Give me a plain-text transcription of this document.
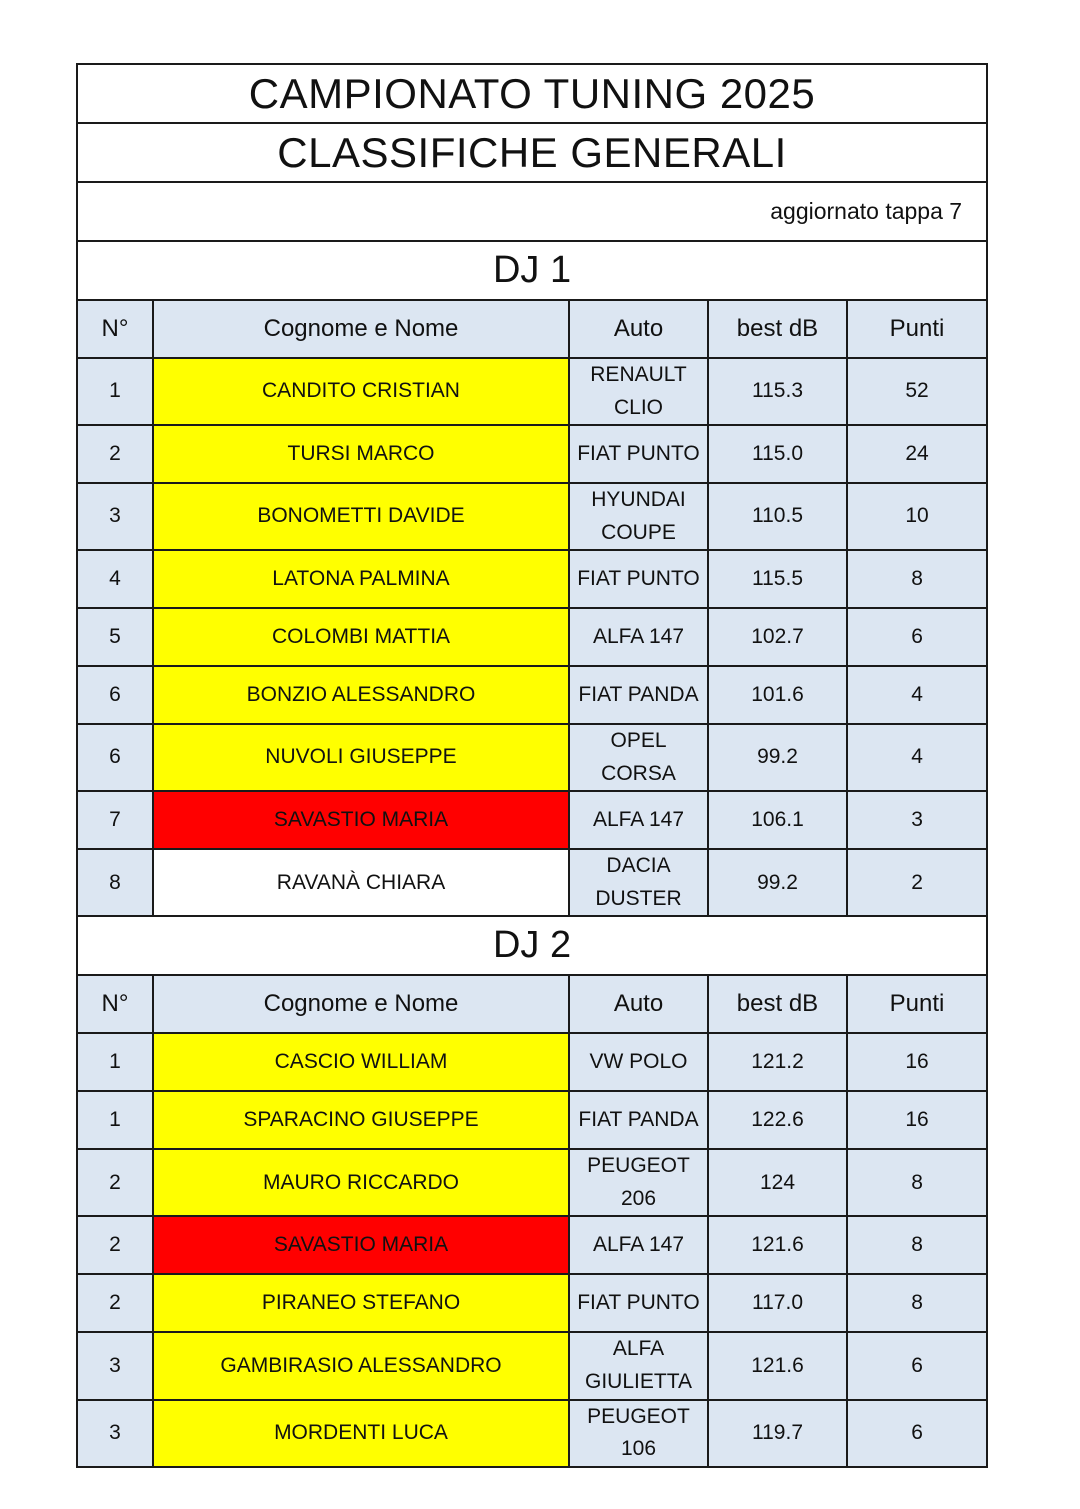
CAMPIONATO TUNING 2025				
CLASSIFICHE GENERALI				
aggiornato tappa 7				
DJ 1				
N°	Cognome e Nome	Auto	best dB	Punti
1	CANDITO CRISTIAN	RENAULT CLIO	115.3	52
2	TURSI MARCO	FIAT PUNTO	115.0	24
3	BONOMETTI DAVIDE	HYUNDAI COUPE	110.5	10
4	LATONA PALMINA	FIAT PUNTO	115.5	8
5	COLOMBI MATTIA	ALFA 147	102.7	6
6	BONZIO ALESSANDRO	FIAT PANDA	101.6	4
6	NUVOLI GIUSEPPE	OPEL CORSA	99.2	4
7	SAVASTIO MARIA	ALFA 147	106.1	3
8	RAVANÀ CHIARA	DACIA DUSTER	99.2	2
DJ 2				
N°	Cognome e Nome	Auto	best dB	Punti
1	CASCIO WILLIAM	VW POLO	121.2	16
1	SPARACINO GIUSEPPE	FIAT PANDA	122.6	16
2	MAURO RICCARDO	PEUGEOT 206	124	8
2	SAVASTIO MARIA	ALFA 147	121.6	8
2	PIRANEO STEFANO	FIAT PUNTO	117.0	8
3	GAMBIRASIO ALESSANDRO	ALFA GIULIETTA	121.6	6
3	MORDENTI LUCA	PEUGEOT 106	119.7	6
